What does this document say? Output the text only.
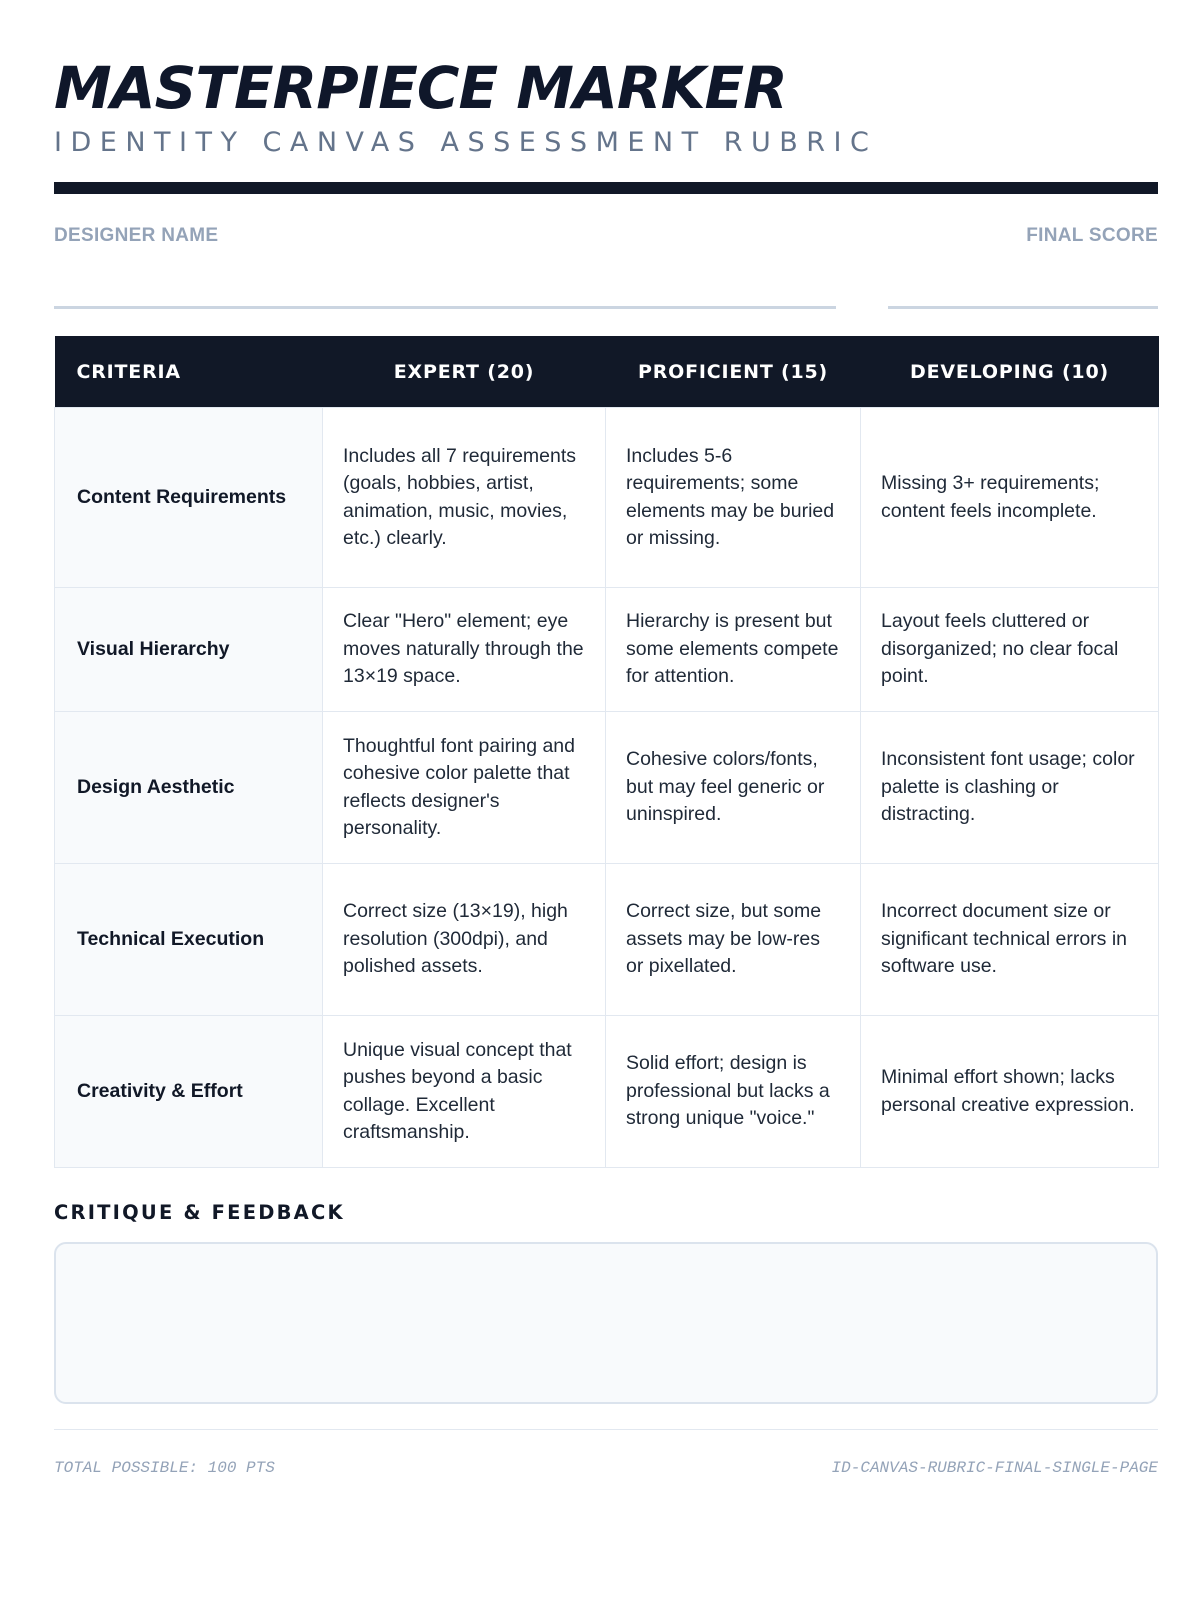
MASTERPIECE MARKER
IDENTITY CANVAS ASSESSMENT RUBRIC
DESIGNER NAME	FINAL SCORE
CRITERIA	EXPERT (20)	PROFICIENT (15)	DEVELOPING (10)
Content Requirements	Includes all 7 requirements (goals, hobbies, artist, animation, music, movies, etc.) clearly.	Includes 5-6 requirements; some elements may be buried or missing.	Missing 3+ requirements; content feels incomplete.
Visual Hierarchy	Clear "Hero" element; eye moves naturally through the 13×19 space.	Hierarchy is present but some elements compete for attention.	Layout feels cluttered or disorganized; no clear focal point.
Design Aesthetic	Thoughtful font pairing and cohesive color palette that reflects designer's personality.	Cohesive colors/fonts, but may feel generic or uninspired.	Inconsistent font usage; color palette is clashing or distracting.
Technical Execution	Correct size (13×19), high resolution (300dpi), and polished assets.	Correct size, but some assets may be low-res or pixellated.	Incorrect document size or significant technical errors in software use.
Creativity & Effort	Unique visual concept that pushes beyond a basic collage. Excellent craftsmanship.	Solid effort; design is professional but lacks a strong unique "voice."	Minimal effort shown; lacks personal creative expression.
CRITIQUE & FEEDBACK
TOTAL POSSIBLE: 100 PTS	ID-CANVAS-RUBRIC-FINAL-SINGLE-PAGE
